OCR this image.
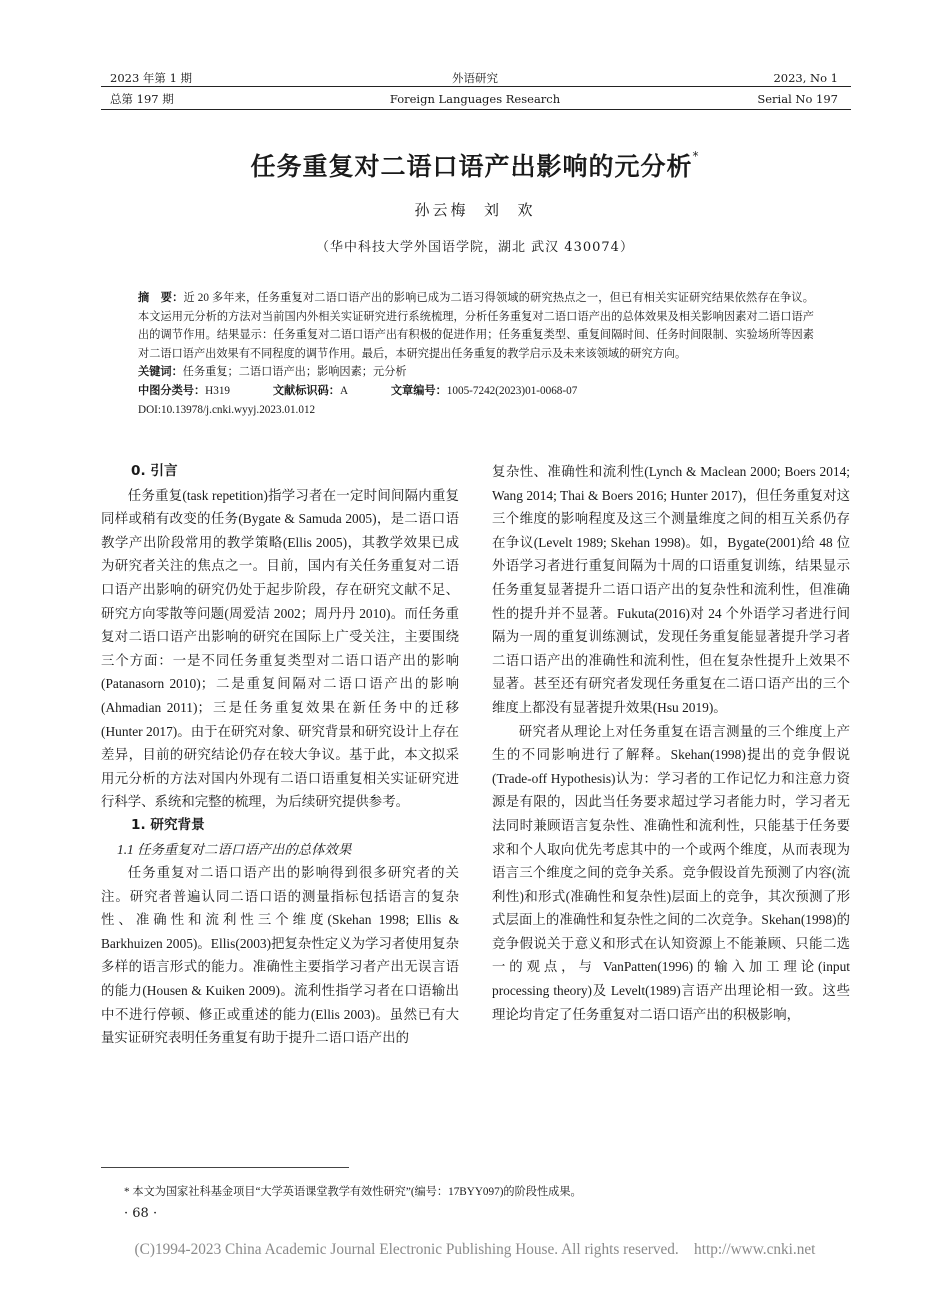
2023 年第 1 期
总第 197 期
外语研究
Foreign Languages Research
2023, No 1
Serial No 197
任务重复对二语口语产出影响的元分析*
孙云梅  刘  欢
（华中科技大学外国语学院，湖北 武汉 430074）
摘　要：近 20 多年来，任务重复对二语口语产出的影响已成为二语习得领域的研究热点之一，但已有相关实证研究结果依然存在争议。本文运用元分析的方法对当前国内外相关实证研究进行系统梳理，分析任务重复对二语口语产出的总体效果及相关影响因素对二语口语产出的调节作用。结果显示：任务重复对二语口语产出有积极的促进作用；任务重复类型、重复间隔时间、任务时间限制、实验场所等因素对二语口语产出效果有不同程度的调节作用。最后，本研究提出任务重复的教学启示及未来该领域的研究方向。
关键词：任务重复；二语口语产出；影响因素；元分析
中图分类号：H319	文献标识码：A	文章编号：1005-7242(2023)01-0068-07
DOI:10.13978/j.cnki.wyyj.2023.01.012

0. 引言

任务重复(task repetition)指学习者在一定时间间隔内重复同样或稍有改变的任务(Bygate & Samuda 2005)，是二语口语教学产出阶段常用的教学策略(Ellis 2005)，其教学效果已成为研究者关注的焦点之一。目前，国内有关任务重复对二语口语产出影响的研究仍处于起步阶段，存在研究文献不足、研究方向零散等问题(周爱洁 2002；周丹丹 2010)。而任务重复对二语口语产出影响的研究在国际上广受关注，主要围绕三个方面：一是不同任务重复类型对二语口语产出的影响(Patanasorn 2010)；二是重复间隔对二语口语产出的影响(Ahmadian 2011)；三是任务重复效果在新任务中的迁移(Hunter 2017)。由于在研究对象、研究背景和研究设计上存在差异，目前的研究结论仍存在较大争议。基于此，本文拟采用元分析的方法对国内外现有二语口语重复相关实证研究进行科学、系统和完整的梳理，为后续研究提供参考。

1. 研究背景

1.1 任务重复对二语口语产出的总体效果

任务重复对二语口语产出的影响得到很多研究者的关注。研究者普遍认同二语口语的测量指标包括语言的复杂性、准确性和流利性三个维度(Skehan 1998; Ellis & Barkhuizen 2005)。Ellis(2003)把复杂性定义为学习者使用复杂多样的语言形式的能力。准确性主要指学习者产出无误言语的能力(Housen & Kuiken 2009)。流利性指学习者在口语输出中不进行停顿、修正或重述的能力(Ellis 2003)。虽然已有大量实证研究表明任务重复有助于提升二语口语产出的

复杂性、准确性和流利性(Lynch & Maclean 2000; Boers 2014; Wang 2014; Thai & Boers 2016; Hunter 2017)，但任务重复对这三个维度的影响程度及这三个测量维度之间的相互关系仍存在争议(Levelt 1989; Skehan 1998)。如，Bygate(2001)给 48 位外语学习者进行重复间隔为十周的口语重复训练，结果显示任务重复显著提升二语口语产出的复杂性和流利性，但准确性的提升并不显著。Fukuta(2016)对 24 个外语学习者进行间隔为一周的重复训练测试，发现任务重复能显著提升学习者二语口语产出的准确性和流利性，但在复杂性提升上效果不显著。甚至还有研究者发现任务重复在二语口语产出的三个维度上都没有显著提升效果(Hsu 2019)。

研究者从理论上对任务重复在语言测量的三个维度上产生的不同影响进行了解释。Skehan(1998)提出的竞争假说(Trade-off Hypothesis)认为：学习者的工作记忆力和注意力资源是有限的，因此当任务要求超过学习者能力时，学习者无法同时兼顾语言复杂性、准确性和流利性，只能基于任务要求和个人取向优先考虑其中的一个或两个维度，从而表现为语言三个维度之间的竞争关系。竞争假设首先预测了内容(流利性)和形式(准确性和复杂性)层面上的竞争，其次预测了形式层面上的准确性和复杂性之间的二次竞争。Skehan(1998)的竞争假说关于意义和形式在认知资源上不能兼顾、只能二选一的观点，与 VanPatten(1996)的输入加工理论(input processing theory)及 Levelt(1989)言语产出理论相一致。这些理论均肯定了任务重复对二语口语产出的积极影响，

* 本文为国家社科基金项目“大学英语课堂教学有效性研究”(编号：17BYY097)的阶段性成果。
· 68 ·
(C)1994-2023 China Academic Journal Electronic Publishing House. All rights reserved.    http://www.cnki.net
